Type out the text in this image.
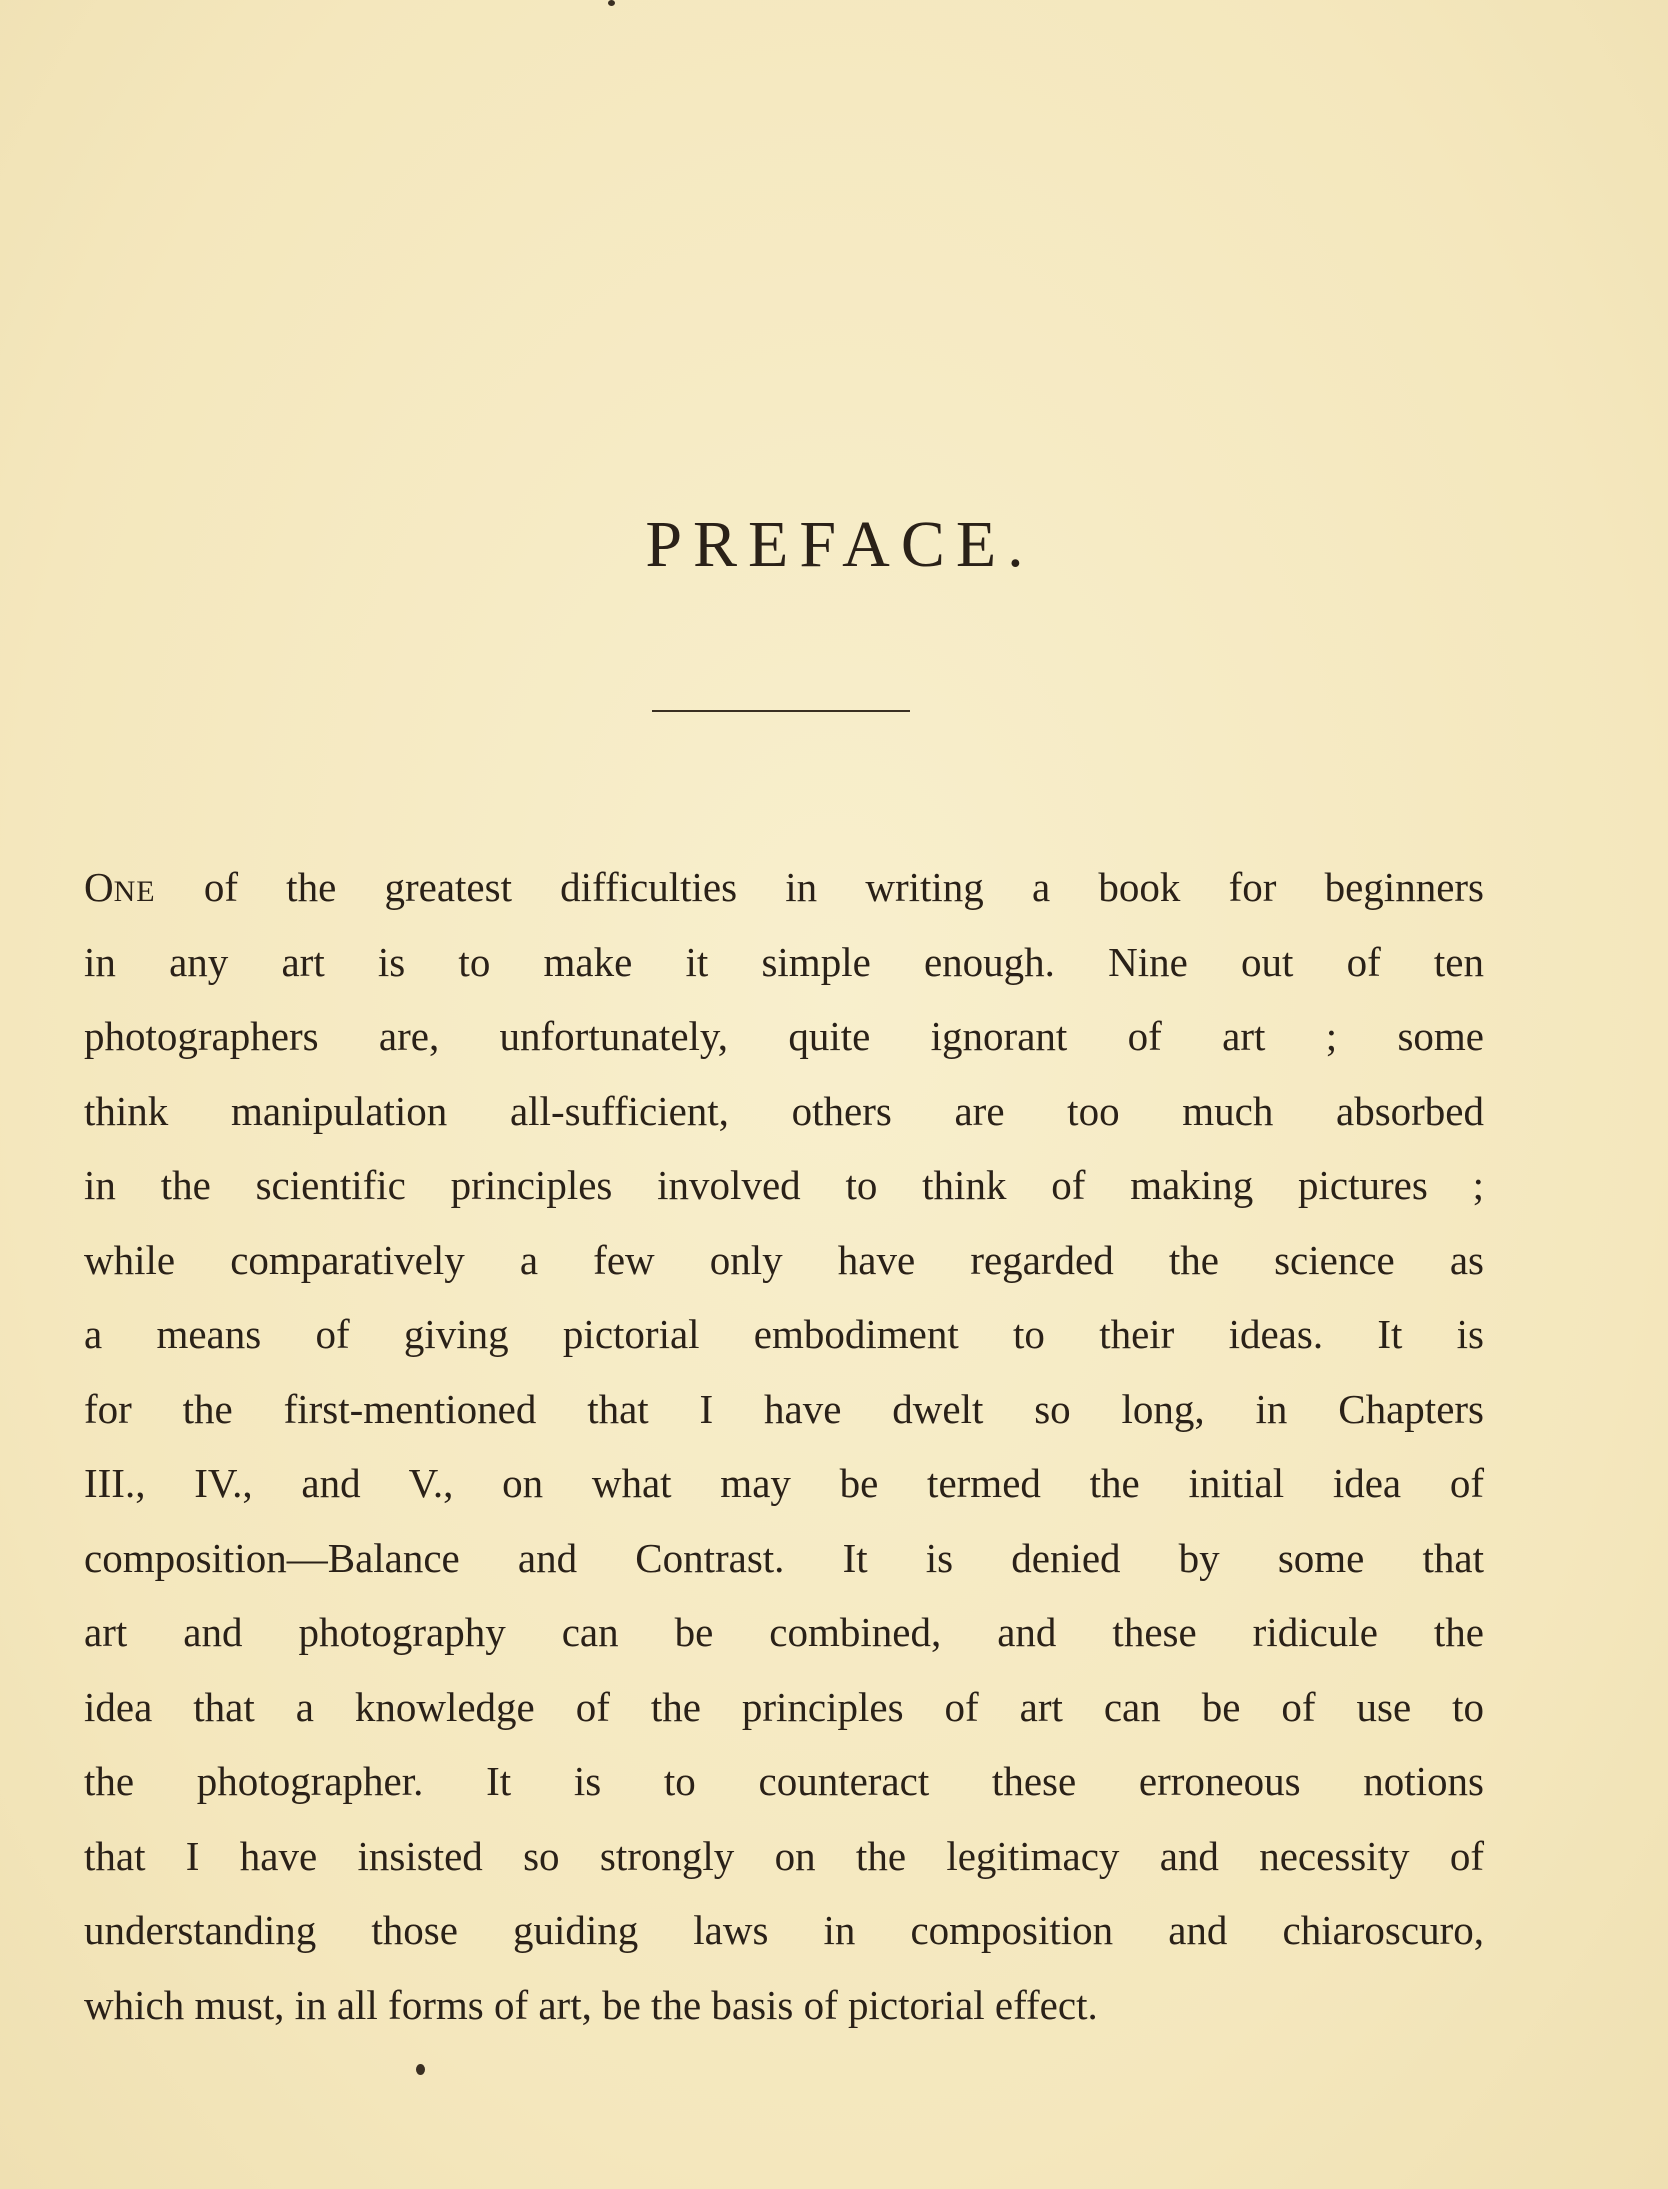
PREFACE.
ONE of the greatest difficulties in writing a book for beginners
in any art is to make it simple enough. Nine out of ten
photographers are, unfortunately, quite ignorant of art ; some
think manipulation all-sufficient, others are too much absorbed
in the scientific principles involved to think of making pictures ;
while comparatively a few only have regarded the science as
a means of giving pictorial embodiment to their ideas. It is
for the first-mentioned that I have dwelt so long, in Chapters
III., IV., and V., on what may be termed the initial idea of
composition—Balance and Contrast. It is denied by some that
art and photography can be combined, and these ridicule the
idea that a knowledge of the principles of art can be of use to
the photographer. It is to counteract these erroneous notions
that I have insisted so strongly on the legitimacy and necessity of
understanding those guiding laws in composition and chiaroscuro,
which must, in all forms of art, be the basis of pictorial effect.
